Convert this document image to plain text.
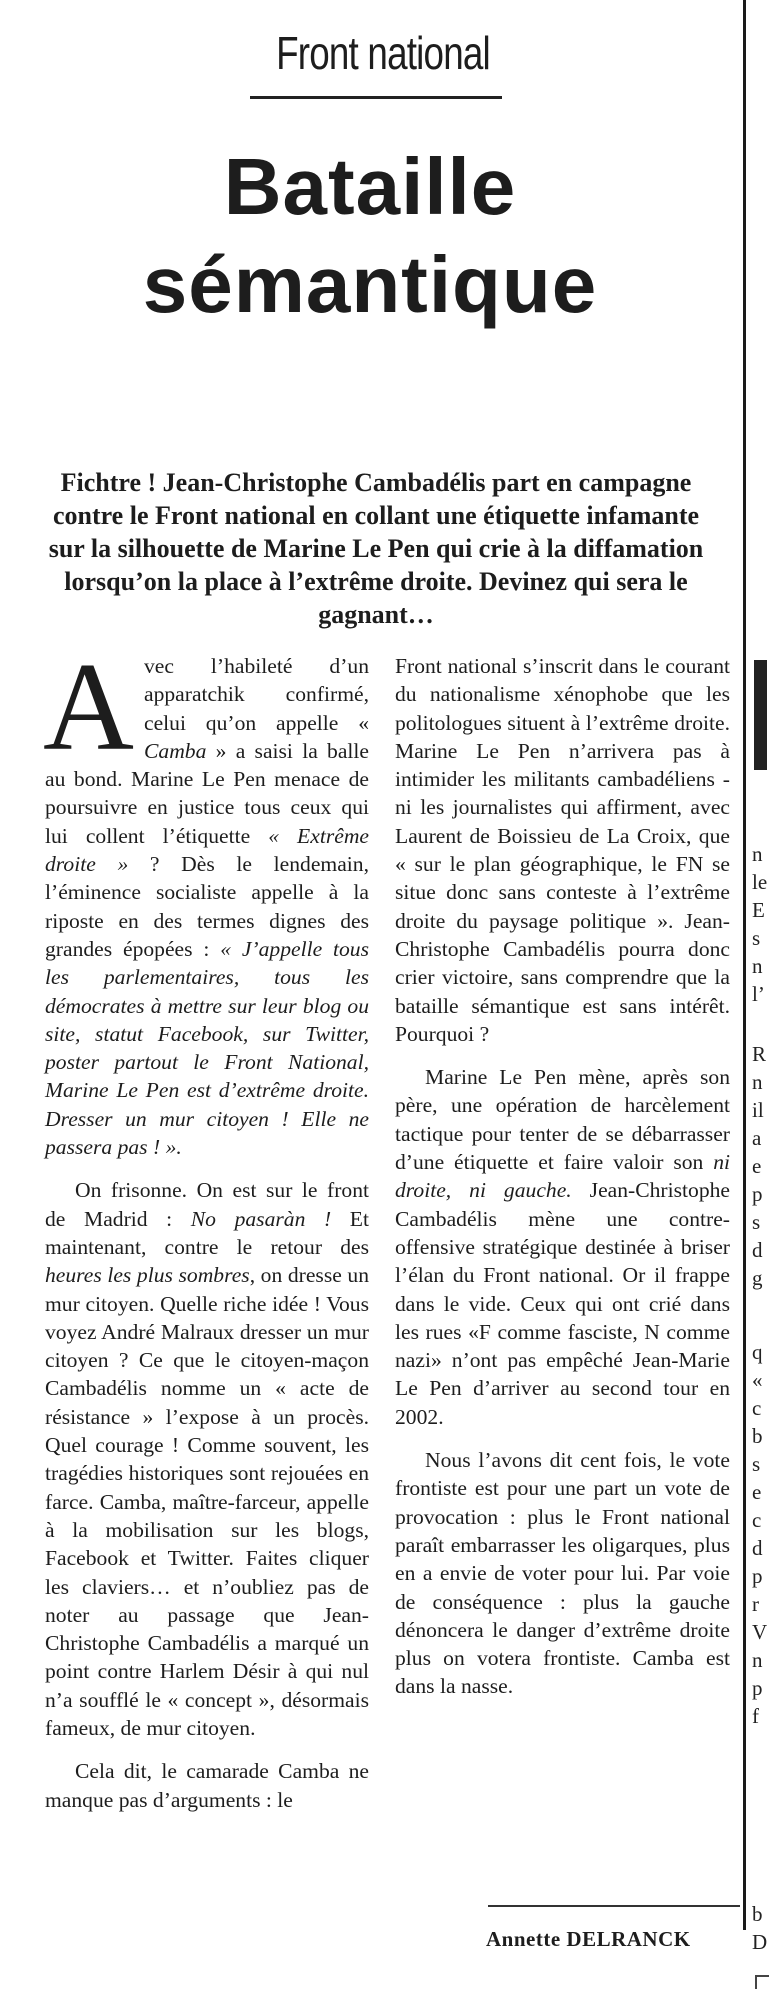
Front national
Bataille sémantique
Fichtre ! Jean-Christophe Cambadélis part en campagne contre le Front national en collant une étiquette infamante sur la silhouette de Marine Le Pen qui crie à la diffamation lorsqu’on la place à l’extrême droite. Devinez qui sera le gagnant…

Avec l’habileté d’un apparatchik confirmé, celui qu’on appelle « Camba » a saisi la balle au bond. Marine Le Pen menace de poursuivre en justice tous ceux qui lui collent l’étiquette « Extrême droite » ? Dès le lendemain, l’éminence socialiste appelle à la riposte en des termes dignes des grandes épopées : « J’appelle tous les parlementaires, tous les démocrates à mettre sur leur blog ou site, statut Facebook, sur Twitter, poster partout le Front National, Marine Le Pen est d’extrême droite. Dresser un mur citoyen ! Elle ne passera pas ! ».

On frisonne. On est sur le front de Madrid : No pasaràn ! Et maintenant, contre le retour des heures les plus sombres, on dresse un mur citoyen. Quelle riche idée ! Vous voyez André Malraux dresser un mur citoyen ? Ce que le citoyen-maçon Cambadélis nomme un « acte de résistance » l’expose à un procès. Quel courage ! Comme souvent, les tragédies historiques sont rejouées en farce. Camba, maître-farceur, appelle à la mobilisation sur les blogs, Facebook et Twitter. Faites cliquer les claviers… et n’oubliez pas de noter au passage que Jean-Christophe Cambadélis a marqué un point contre Harlem Désir à qui nul n’a soufflé le « concept », désormais fameux, de mur citoyen.

Cela dit, le camarade Camba ne manque pas d’arguments : le

Front national s’inscrit dans le courant du nationalisme xénophobe que les politologues situent à l’extrême droite. Marine Le Pen n’arrivera pas à intimider les militants cambadéliens - ni les journalistes qui affirment, avec Laurent de Boissieu de La Croix, que « sur le plan géographique, le FN se situe donc sans conteste à l’extrême droite du paysage politique ». Jean-Christophe Cambadélis pourra donc crier victoire, sans comprendre que la bataille sémantique est sans intérêt. Pourquoi ?

Marine Le Pen mène, après son père, une opération de harcèlement tactique pour tenter de se débarrasser d’une étiquette et faire valoir son ni droite, ni gauche. Jean-Christophe Cambadélis mène une contre-offensive stratégique destinée à briser l’élan du Front national. Or il frappe dans le vide. Ceux qui ont crié dans les rues «F comme fasciste, N comme nazi» n’ont pas empêché Jean-Marie Le Pen d’arriver au second tour en 2002.

Nous l’avons dit cent fois, le vote frontiste est pour une part un vote de provocation : plus le Front national paraît embarrasser les oligarques, plus en a envie de voter pour lui. Par voie de conséquence : plus la gauche dénoncera le danger d’extrême droite plus on votera frontiste. Camba est dans la nasse.

Annette DELRANCK
n
le
E
s
n
l’
R
n
il
a
e
p
s
d
g
q
«
c
b
s
e
c
d
p
r
V
n
p
f
b
D
